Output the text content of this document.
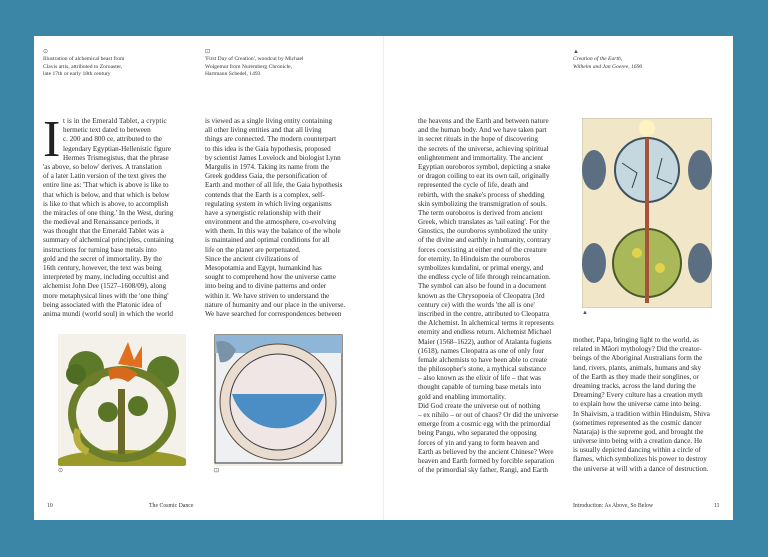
⊙
Illustration of alchemical beast from
Clavis artis, attributed to Zoroaster,
late 17th or early 18th century
⊡
'First Day of Creation', woodcut by Michael
Wolgemut from Nuremberg Chronicle,
Hartmann Schedel, 1493
▲
Creation of the Earth,
Wilhelm and Jan Goeree, 1690
I t is in the Emerald Tablet, a cryptic
hermetic text dated to between
c. 200 and 800 ce, attributed to the
legendary Egyptian-Hellenistic figure
Hermes Trismegistus, that the phrase
'as above, so below' derives. A translation
of a later Latin version of the text gives the
entire line as: 'That which is above is like to
that which is below, and that which is below
is like to that which is above, to accomplish
the miracles of one thing.' In the West, during
the medieval and Renaissance periods, it
was thought that the Emerald Tablet was a
summary of alchemical principles, containing
instructions for turning base metals into
gold and the secret of immortality. By the
16th century, however, the text was being
interpreted by many, including occultist and
alchemist John Dee (1527–1608/09), along
more metaphysical lines with the 'one thing'
being associated with the Platonic idea of
anima mundi (world soul) in which the world
is viewed as a single living entity containing
all other living entities and that all living
things are connected. The modern counterpart
to this idea is the Gaia hypothesis, proposed
by scientist James Lovelock and biologist Lynn
Margulis in 1974. Taking its name from the
Greek goddess Gaia, the personification of
Earth and mother of all life, the Gaia hypothesis
contends that the Earth is a complex, self-
regulating system in which living organisms
have a synergistic relationship with their
environment and the atmosphere, co-evolving
with them. In this way the balance of the whole
is maintained and optimal conditions for all
life on the planet are perpetuated.
Since the ancient civilizations of
Mesopotamia and Egypt, humankind has
sought to comprehend how the universe came
into being and to divine patterns and order
within it. We have striven to understand the
nature of humanity and our place in the universe.
We have searched for correspondences between
the heavens and the Earth and between nature
and the human body. And we have taken part
in secret rituals in the hope of discovering
the secrets of the universe, achieving spiritual
enlightenment and immortality. The ancient
Egyptian ouroboros symbol, depicting a snake
or dragon coiling to eat its own tail, originally
represented the cycle of life, death and
rebirth, with the snake's process of shedding
skin symbolizing the transmigration of souls.
The term ouroboros is derived from ancient
Greek, which translates as 'tail eating'. For the
Gnostics, the ouroboros symbolized the unity
of the divine and earthly in humanity, contrary
forces coexisting at either end of the creature
for eternity. In Hinduism the ouroboros
symbolizes kundalini, or primal energy, and
the endless cycle of life through reincarnation.
The symbol can also be found in a document
known as the Chrysopoeia of Cleopatra (3rd
century ce) with the words 'the all is one'
inscribed in the centre, attributed to Cleopatra
the Alchemist. In alchemical terms it represents
eternity and endless return. Alchemist Michael
Maier (1568–1622), author of Atalanta fugiens
(1618), names Cleopatra as one of only four
female alchemists to have been able to create
the philosopher's stone, a mythical substance
– also known as the elixir of life – that was
thought capable of turning base metals into
gold and enabling immortality.
Did God create the universe out of nothing
– ex nihilo – or out of chaos? Or did the universe
emerge from a cosmic egg with the primordial
being Pangu, who separated the opposing
forces of yin and yang to form heaven and
Earth as believed by the ancient Chinese? Were
heaven and Earth formed by forcible separation
of the primordial sky father, Rangi, and Earth
mother, Papa, bringing light to the world, as
related in Māori mythology? Did the creator-
beings of the Aboriginal Australians form the
land, rivers, plants, animals, humans and sky
of the Earth as they made their songlines, or
dreaming tracks, across the land during the
Dreaming? Every culture has a creation myth
to explain how the universe came into being.
In Shaivism, a tradition within Hinduism, Shiva
(sometimes represented as the cosmic dancer
Nataraja) is the supreme god, and brought the
universe into being with a creation dance. He
is usually depicted dancing within a circle of
flames, which symbolizes his power to destroy
the universe at will with a dance of destruction.
⊙	⊡
▲
10	The Cosmic Dance	Introduction: As Above, So Below	11
